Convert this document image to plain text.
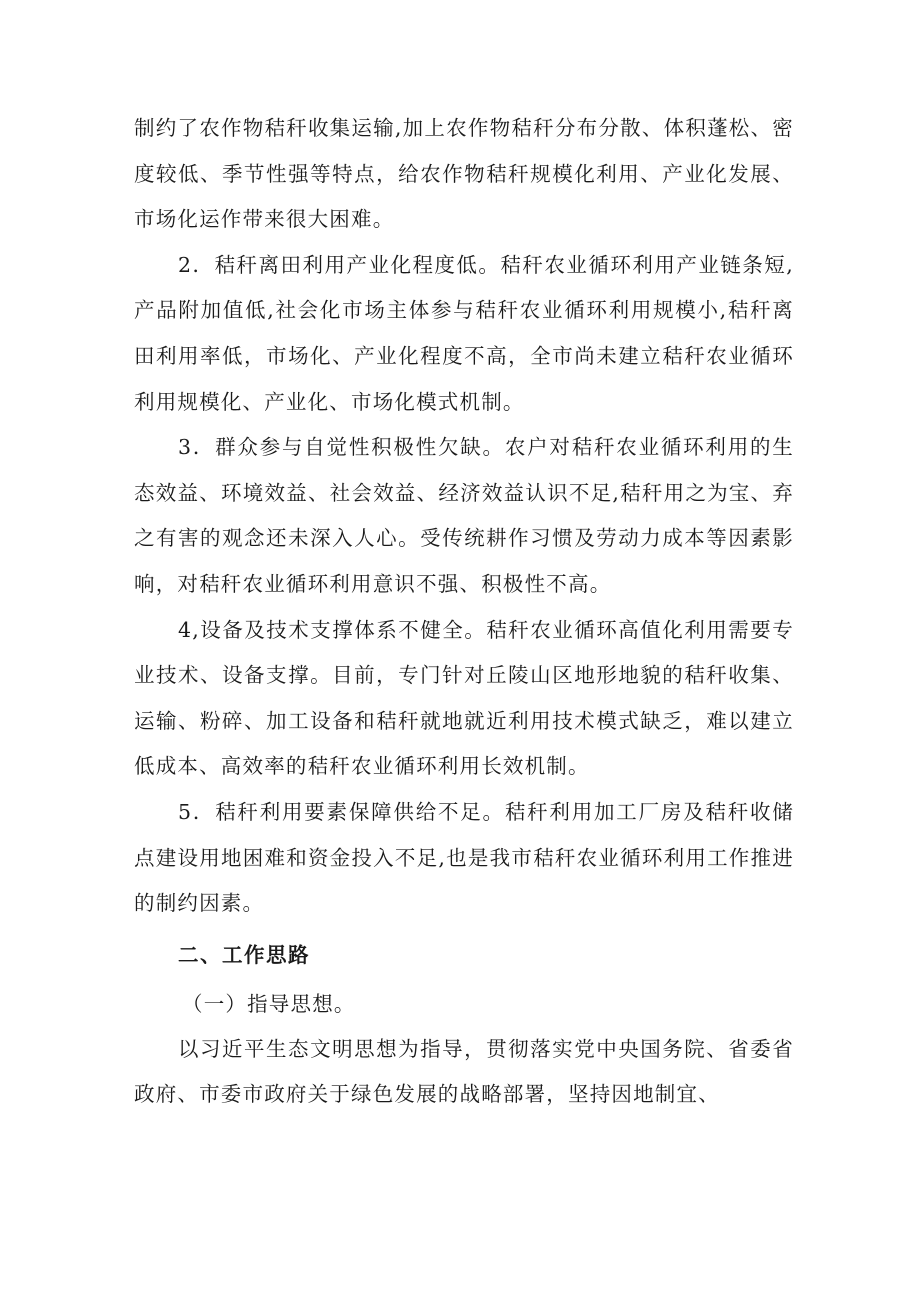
制约了农作物秸秆收集运输,加上农作物秸秆分布分散、体积蓬松、密度较低、季节性强等特点，给农作物秸秆规模化利用、产业化发展、市场化运作带来很大困难。

2．秸秆离田利用产业化程度低。秸秆农业循环利用产业链条短,产品附加值低,社会化市场主体参与秸秆农业循环利用规模小,秸秆离田利用率低，市场化、产业化程度不高，全市尚未建立秸秆农业循环利用规模化、产业化、市场化模式机制。

3．群众参与自觉性积极性欠缺。农户对秸秆农业循环利用的生态效益、环境效益、社会效益、经济效益认识不足,秸秆用之为宝、弃之有害的观念还未深入人心。受传统耕作习惯及劳动力成本等因素影响，对秸秆农业循环利用意识不强、积极性不高。

4,设备及技术支撑体系不健全。秸秆农业循环高值化利用需要专业技术、设备支撑。目前，专门针对丘陵山区地形地貌的秸秆收集、运输、粉碎、加工设备和秸秆就地就近利用技术模式缺乏，难以建立低成本、高效率的秸秆农业循环利用长效机制。

5．秸秆利用要素保障供给不足。秸秆利用加工厂房及秸秆收储点建设用地困难和资金投入不足,也是我市秸秆农业循环利用工作推进的制约因素。

二、工作思路

（一）指导思想。

以习近平生态文明思想为指导，贯彻落实党中央国务院、省委省政府、市委市政府关于绿色发展的战略部署，坚持因地制宜、
